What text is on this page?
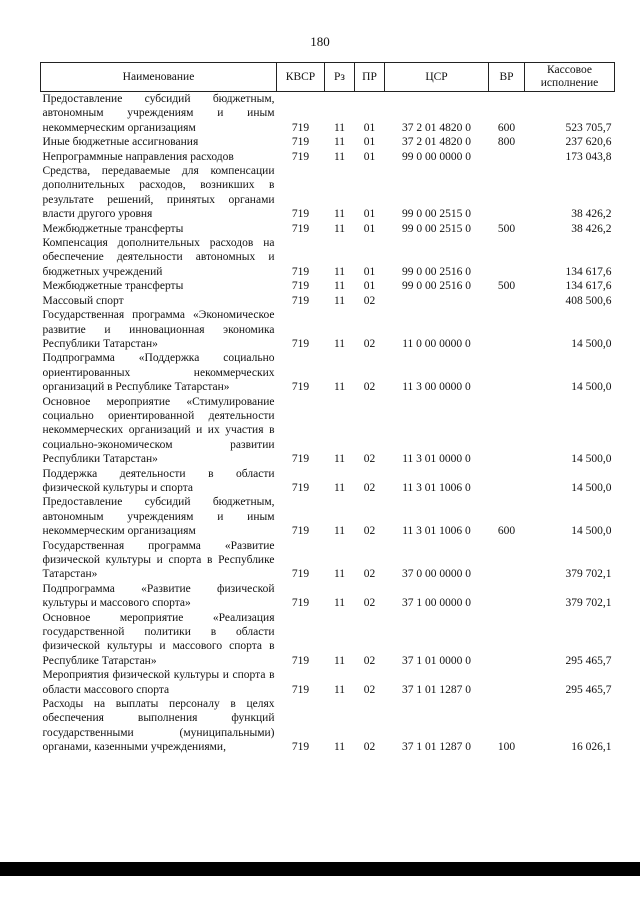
180
Наименование	КВСР	Рз	ПР	ЦСР	ВР	Кассовое исполнение
Предоставление субсидий бюджетным, автономным учреждениям и иным некоммерческим организациям	719	11	01	37 2 01 4820 0	600	523 705,7
Иные бюджетные ассигнования	719	11	01	37 2 01 4820 0	800	237 620,6
Непрограммные направления расходов	719	11	01	99 0 00 0000 0		173 043,8
Средства, передаваемые для компенсации дополнительных расходов, возникших в результате решений, принятых органами власти другого уровня	719	11	01	99 0 00 2515 0		38 426,2
Межбюджетные трансферты	719	11	01	99 0 00 2515 0	500	38 426,2
Компенсация дополнительных расходов на обеспечение деятельности автономных и бюджетных учреждений	719	11	01	99 0 00 2516 0		134 617,6
Межбюджетные трансферты	719	11	01	99 0 00 2516 0	500	134 617,6
Массовый спорт	719	11	02			408 500,6
Государственная программа «Экономическое развитие и инновационная экономика Республики Татарстан»	719	11	02	11 0 00 0000 0		14 500,0
Подпрограмма «Поддержка социально ориентированных некоммерческих организаций в Республике Татарстан»	719	11	02	11 3 00 0000 0		14 500,0
Основное мероприятие «Стимулирование социально ориентированной деятельности некоммерческих организаций и их участия в социально-экономическом развитии Республики Татарстан»	719	11	02	11 3 01 0000 0		14 500,0
Поддержка деятельности в области физической культуры и спорта	719	11	02	11 3 01 1006 0		14 500,0
Предоставление субсидий бюджетным, автономным учреждениям и иным некоммерческим организациям	719	11	02	11 3 01 1006 0	600	14 500,0
Государственная программа «Развитие физической культуры и спорта в Республике Татарстан»	719	11	02	37 0 00 0000 0		379 702,1
Подпрограмма «Развитие физической культуры и массового спорта»	719	11	02	37 1 00 0000 0		379 702,1
Основное мероприятие «Реализация государственной политики в области физической культуры и массового спорта в Республике Татарстан»	719	11	02	37 1 01 0000 0		295 465,7
Мероприятия физической культуры и спорта в области массового спорта	719	11	02	37 1 01 1287 0		295 465,7
Расходы на выплаты персоналу в целях обеспечения выполнения функций государственными (муниципальными) органами, казенными учреждениями,	719	11	02	37 1 01 1287 0	100	16 026,1
